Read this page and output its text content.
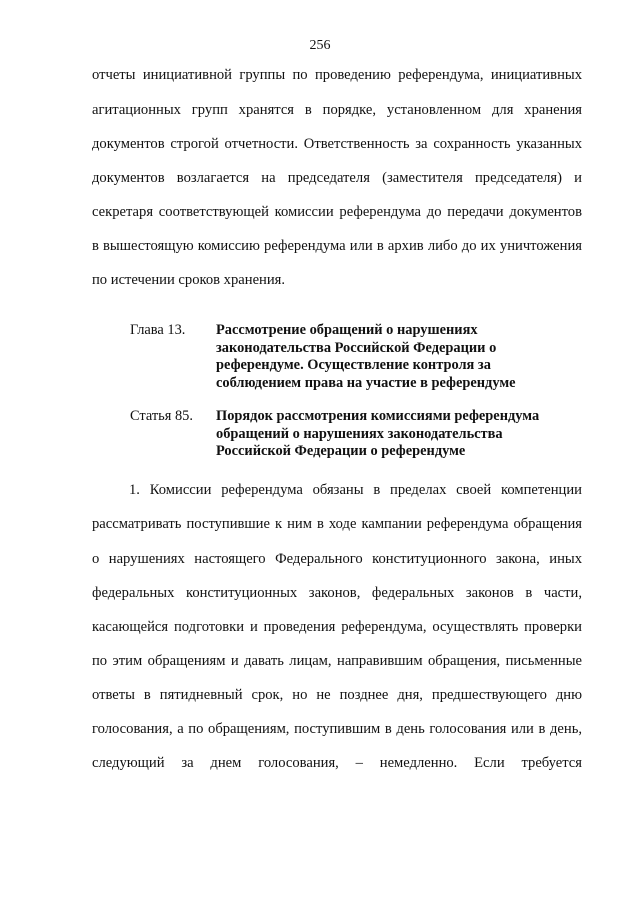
256
отчеты инициативной группы по проведению референдума, инициативных
агитационных групп хранятся в порядке, установленном для хранения
документов строгой отчетности. Ответственность за сохранность указанных
документов возлагается на председателя (заместителя председателя) и
секретаря соответствующей комиссии референдума до передачи документов
в вышестоящую комиссию референдума или в архив либо до их уничтожения
по истечении сроков хранения.
Глава 13. Рассмотрение обращений о нарушениях
законодательства Российской Федерации о
референдуме. Осуществление контроля за
соблюдением права на участие в референдуме
Статья 85. Порядок рассмотрения комиссиями референдума
обращений о нарушениях законодательства
Российской Федерации о референдуме
1. Комиссии референдума обязаны в пределах своей компетенции
рассматривать поступившие к ним в ходе кампании референдума обращения
о нарушениях настоящего Федерального конституционного закона, иных
федеральных конституционных законов, федеральных законов в части,
касающейся подготовки и проведения референдума, осуществлять проверки
по этим обращениям и давать лицам, направившим обращения, письменные
ответы в пятидневный срок, но не позднее дня, предшествующего дню
голосования, а по обращениям, поступившим в день голосования или в день,
следующий за днем голосования, – немедленно. Если требуется
